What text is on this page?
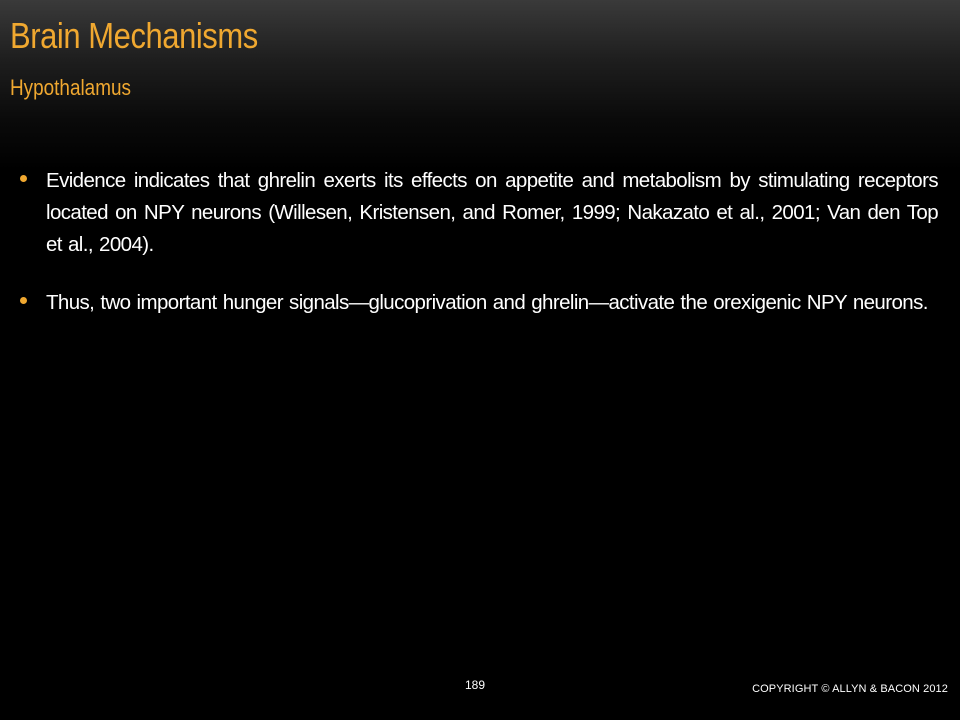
Brain Mechanisms
Hypothalamus
Evidence indicates that ghrelin exerts its effects on appetite and metabolism by stimulating receptors located on NPY neurons (Willesen, Kristensen, and Romer, 1999; Nakazato et al., 2001; Van den Top et al., 2004).
Thus, two important hunger signals—glucoprivation and ghrelin—activate the orexigenic NPY neurons.
189	COPYRIGHT © ALLYN & BACON 2012
